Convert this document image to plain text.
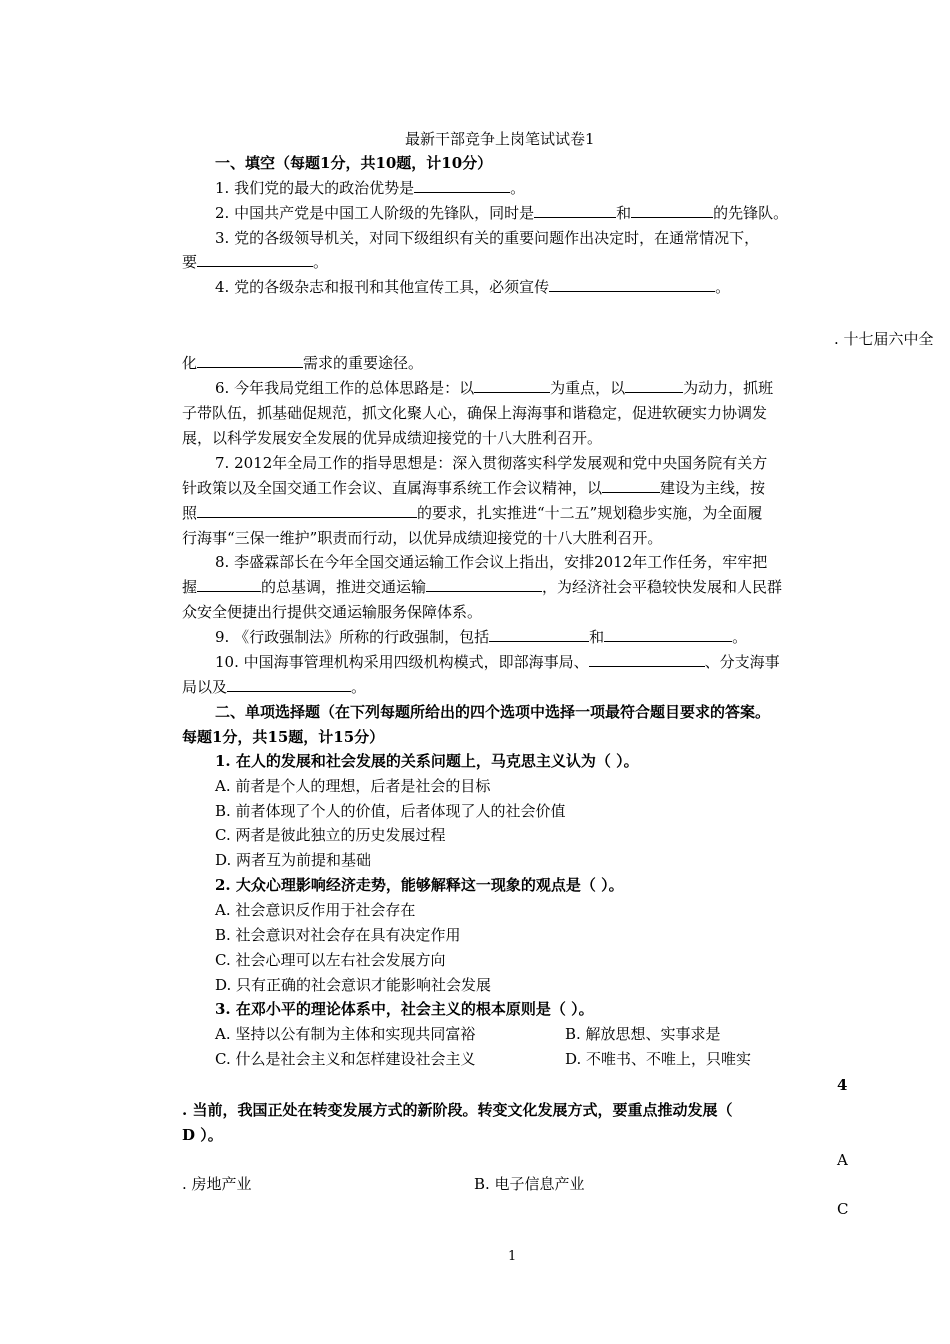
最新干部竞争上岗笔试试卷1
一、填空（每题1分，共10题，计10分）
1. 我们党的最大的政治优势是	。
2. 中国共产党是中国工人阶级的先锋队，同时是	和	的先锋队。
3. 党的各级领导机关，对同下级组织有关的重要问题作出决定时，在通常情况下，
要	。
4. 党的各级杂志和报刊和其他宣传工具，必须宣传	。
. 十七届六中全
化	需求的重要途径。
6. 今年我局党组工作的总体思路是：以	为重点，以	为动力，抓班
子带队伍，抓基础促规范，抓文化聚人心，确保上海海事和谐稳定，促进软硬实力协调发
展，以科学发展安全发展的优异成绩迎接党的十八大胜利召开。
7. 2012年全局工作的指导思想是：深入贯彻落实科学发展观和党中央国务院有关方
针政策以及全国交通工作会议、直属海事系统工作会议精神，以	建设为主线，按
照	的要求，扎实推进“十二五”规划稳步实施，为全面履
行海事“三保一维护”职责而行动，以优异成绩迎接党的十八大胜利召开。
8. 李盛霖部长在今年全国交通运输工作会议上指出，安排2012年工作任务，牢牢把
握	的总基调，推进交通运输	，为经济社会平稳较快发展和人民群
众安全便捷出行提供交通运输服务保障体系。
9. 《行政强制法》所称的行政强制，包括	和	。
10. 中国海事管理机构采用四级机构模式，即部海事局、	、分支海事
局以及	。
二、单项选择题（在下列每题所给出的四个选项中选择一项最符合题目要求的答案。
每题1分，共15题，计15分）
1. 在人的发展和社会发展的关系问题上，马克思主义认为（ ）。
A. 前者是个人的理想，后者是社会的目标
B. 前者体现了个人的价值，后者体现了人的社会价值
C. 两者是彼此独立的历史发展过程
D. 两者互为前提和基础
2. 大众心理影响经济走势，能够解释这一现象的观点是（ ）。
A. 社会意识反作用于社会存在
B. 社会意识对社会存在具有决定作用
C. 社会心理可以左右社会发展方向
D. 只有正确的社会意识才能影响社会发展
3. 在邓小平的理论体系中，社会主义的根本原则是（ ）。
A. 坚持以公有制为主体和实现共同富裕	B. 解放思想、实事求是
C. 什么是社会主义和怎样建设社会主义	D. 不唯书、不唯上，只唯实
4
. 当前，我国正处在转变发展方式的新阶段。转变文化发展方式，要重点推动发展（
D ）。
A
. 房地产业	B. 电子信息产业
C
1
